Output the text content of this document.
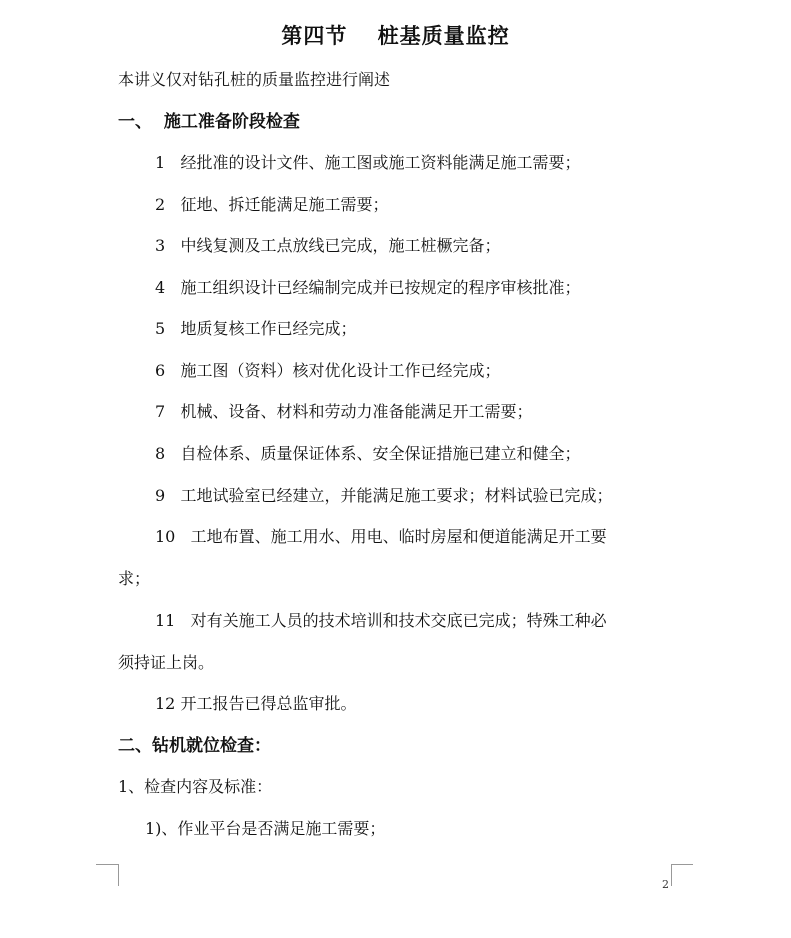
第四节　 桩基质量监控
本讲义仅对钻孔桩的质量监控进行阐述
一、  施工准备阶段检查
1   经批准的设计文件、施工图或施工资料能满足施工需要；
2   征地、拆迁能满足施工需要；
3   中线复测及工点放线已完成，施工桩橛完备；
4   施工组织设计已经编制完成并已按规定的程序审核批准；
5   地质复核工作已经完成；
6   施工图（资料）核对优化设计工作已经完成；
7   机械、设备、材料和劳动力准备能满足开工需要；
8   自检体系、质量保证体系、安全保证措施已建立和健全；
9   工地试验室已经建立，并能满足施工要求；材料试验已完成；
10   工地布置、施工用水、用电、临时房屋和便道能满足开工要
求；
11   对有关施工人员的技术培训和技术交底已完成；特殊工种必
须持证上岗。
12 开工报告已得总监审批。
二、钻机就位检查：
1、检查内容及标准：
1)、作业平台是否满足施工需要；
2
